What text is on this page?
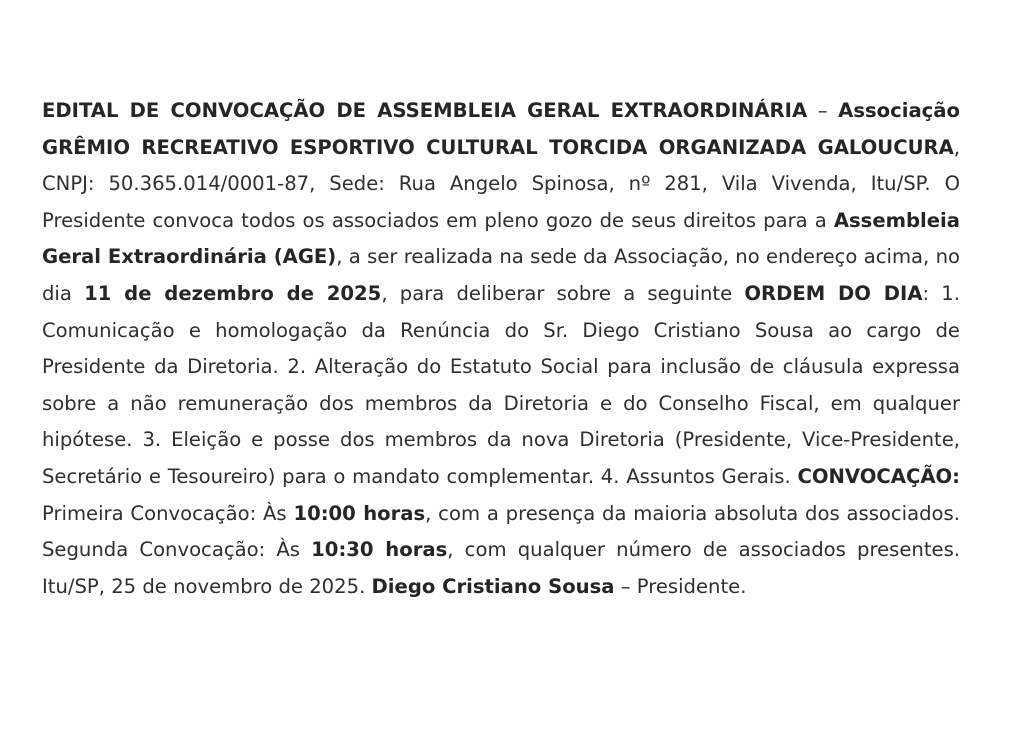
EDITAL DE CONVOCAÇÃO DE ASSEMBLEIA GERAL EXTRAORDINÁRIA – Associação GRÊMIO RECREATIVO ESPORTIVO CULTURAL TORCIDA ORGANIZADA GALOUCURA, CNPJ: 50.365.014/0001-87, Sede: Rua Angelo Spinosa, nº 281, Vila Vivenda, Itu/SP. O Presidente convoca todos os associados em pleno gozo de seus direitos para a Assembleia Geral Extraordinária (AGE), a ser realizada na sede da Associação, no endereço acima, no dia 11 de dezembro de 2025, para deliberar sobre a seguinte ORDEM DO DIA: 1. Comunicação e homologação da Renúncia do Sr. Diego Cristiano Sousa ao cargo de Presidente da Diretoria. 2. Alteração do Estatuto Social para inclusão de cláusula expressa sobre a não remuneração dos membros da Diretoria e do Conselho Fiscal, em qualquer hipótese. 3. Eleição e posse dos membros da nova Diretoria (Presidente, Vice-Presidente, Secretário e Tesoureiro) para o mandato complementar. 4. Assuntos Gerais. CONVOCAÇÃO: Primeira Convocação: Às 10:00 horas, com a presença da maioria absoluta dos associados. Segunda Convocação: Às 10:30 horas, com qualquer número de associados presentes. Itu/SP, 25 de novembro de 2025. Diego Cristiano Sousa – Presidente.
